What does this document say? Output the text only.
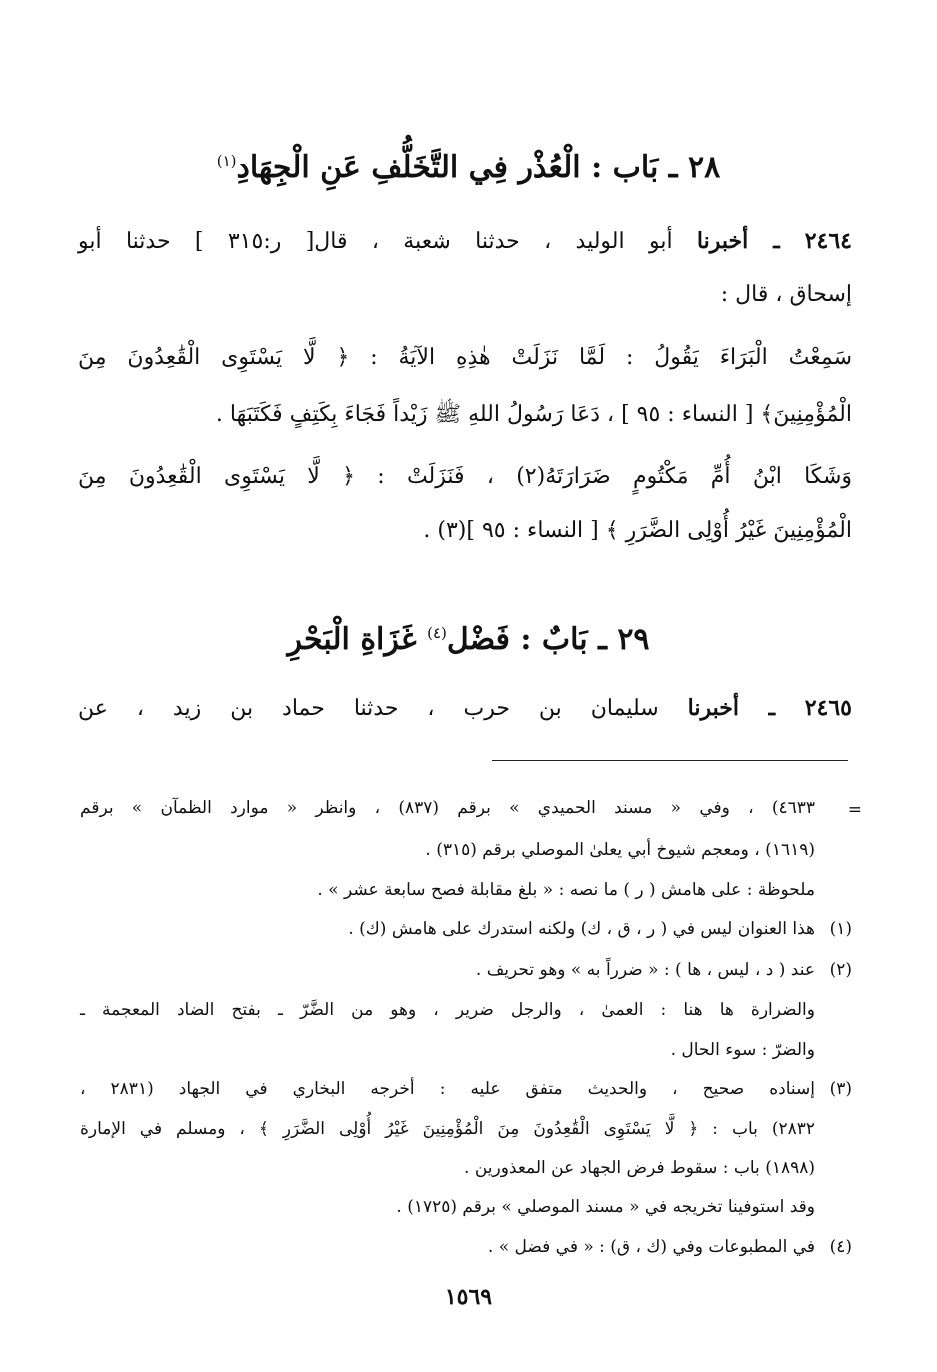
٢٨ ـ بَاب : الْعُذْر فِي التَّخَلُّفِ عَنِ الْجِهَادِ$^{(١)}$
٢٤٦٤ ـ أخبرنا أبو الوليد ، حدثنا شعبة ، قال[ ر:٣١٥ ] حدثنا أبو
إسحاق ، قال :
سَمِعْتُ الْبَرَاءَ يَقُولُ : لَمَّا نَزَلَتْ هٰذِهِ الآيَةُ : ﴿ لَّا يَسْتَوِى الْقَٰعِدُونَ مِنَ
الْمُؤْمِنِينَ﴾ [ النساء : ٩٥ ] ، دَعَا رَسُولُ اللهِ ﷺ زَيْداً فَجَاءَ بِكَتِفٍ فَكَتَبَهَا .
وَشَكَا ابْنُ أُمِّ مَكْتُومٍ ضَرَارَتَهُ(٢) ، فَنَزَلَتْ : ﴿ لَّا يَسْتَوِى الْقَٰعِدُونَ مِنَ
الْمُؤْمِنِينَ غَيْرُ أُوْلِى الضَّرَرِ ﴾ [ النساء : ٩٥ ](٣) .
٢٩ ـ بَابٌ : فَضْل$^{(٤)}$ غَزَاةِ الْبَحْرِ
٢٤٦٥ ـ أخبرنا سليمان بن حرب ، حدثنا حماد بن زيد ، عن
=
٤٦٣٣) ، وفي « مسند الحميدي » برقم (٨٣٧) ، وانظر « موارد الظمآن » برقم
(١٦١٩) ، ومعجم شيوخ أبي يعلىٰ الموصلي برقم (٣١٥) .
ملحوظة : على هامش ( ر ) ما نصه : « بلغ مقابلة فصح سابعة عشر » .
(١)
هذا العنوان ليس في ( ر ، ق ، ك) ولكنه استدرك على هامش (ك) .
(٢)
عند ( د ، ليس ، ها ) : « ضرراً به » وهو تحريف .
والضرارة ها هنا : العمىٰ ، والرجل ضرير ، وهو من الضَّرّ ـ بفتح الضاد المعجمة ـ
والضرّ : سوء الحال .
(٣)
إسناده صحيح ، والحديث متفق عليه : أخرجه البخاري في الجهاد (٢٨٣١ ،
٢٨٣٢) باب : ﴿ لَّا يَسْتَوِى الْقَٰعِدُونَ مِنَ الْمُؤْمِنِينَ غَيْرُ أُوْلِى الضَّرَرِ ﴾ ، ومسلم في الإمارة
(١٨٩٨) باب : سقوط فرض الجهاد عن المعذورين .
وقد استوفينا تخريجه في « مسند الموصلي » برقم (١٧٢٥) .
(٤)
في المطبوعات وفي (ك ، ق) : « في فضل » .
١٥٦٩
